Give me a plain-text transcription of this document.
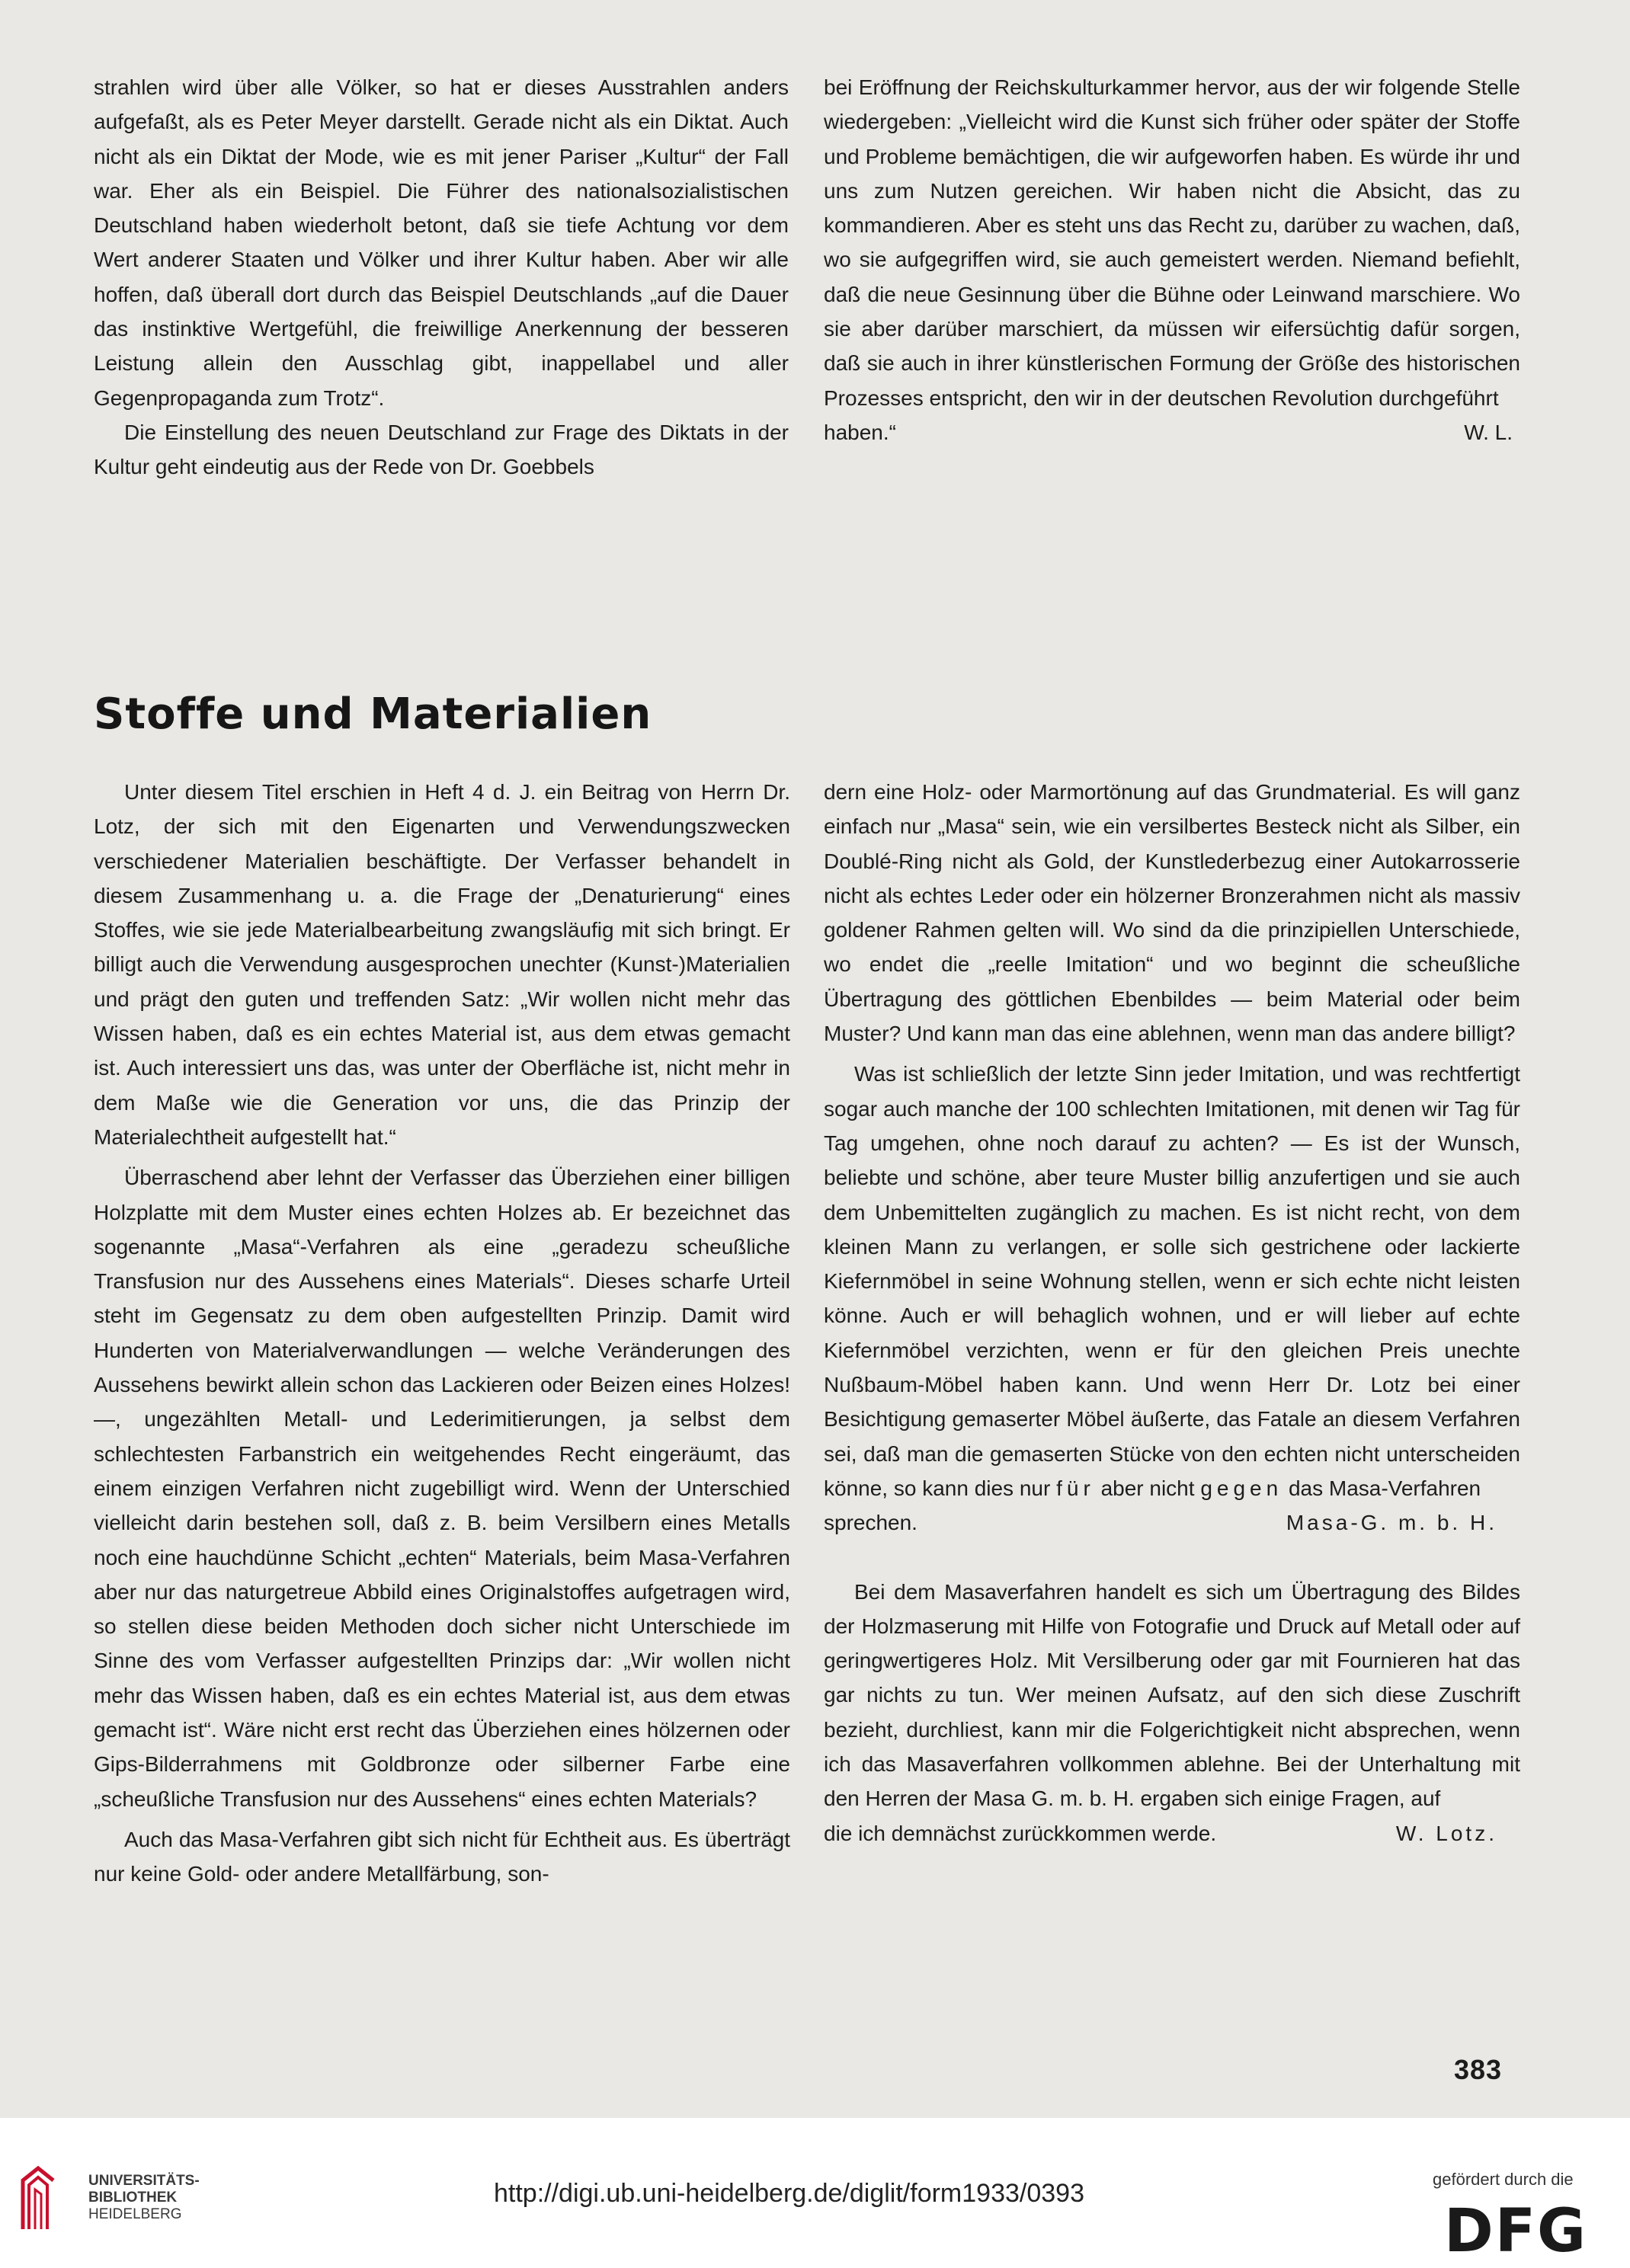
strahlen wird über alle Völker, so hat er dieses Ausstrahlen anders aufgefaßt, als es Peter Meyer darstellt. Gerade nicht als ein Diktat. Auch nicht als ein Diktat der Mode, wie es mit jener Pariser „Kultur“ der Fall war. Eher als ein Beispiel. Die Führer des nationalsozialistischen Deutschland haben wiederholt betont, daß sie tiefe Achtung vor dem Wert anderer Staaten und Völker und ihrer Kultur haben. Aber wir alle hoffen, daß überall dort durch das Beispiel Deutschlands „auf die Dauer das instinktive Wertgefühl, die freiwillige Anerkennung der besseren Leistung allein den Ausschlag gibt, inappellabel und aller Gegenpropaganda zum Trotz“.

Die Einstellung des neuen Deutschland zur Frage des Diktats in der Kultur geht eindeutig aus der Rede von Dr. Goebbels

bei Eröffnung der Reichskulturkammer hervor, aus der wir folgende Stelle wiedergeben: „Vielleicht wird die Kunst sich früher oder später der Stoffe und Probleme bemächtigen, die wir aufgeworfen haben. Es würde ihr und uns zum Nutzen gereichen. Wir haben nicht die Absicht, das zu kommandieren. Aber es steht uns das Recht zu, darüber zu wachen, daß, wo sie aufgegriffen wird, sie auch gemeistert werden. Niemand befiehlt, daß die neue Gesinnung über die Bühne oder Leinwand marschiere. Wo sie aber darüber marschiert, da müssen wir eifersüchtig dafür sorgen, daß sie auch in ihrer künstlerischen Formung der Größe des historischen Prozesses entspricht, den wir in der deutschen Revolution durchgeführt

haben.“	W. L.
Stoffe und Materialien

Unter diesem Titel erschien in Heft 4 d. J. ein Beitrag von Herrn Dr. Lotz, der sich mit den Eigenarten und Verwendungszwecken verschiedener Materialien beschäftigte. Der Verfasser behandelt in diesem Zusammenhang u. a. die Frage der „Denaturierung“ eines Stoffes, wie sie jede Materialbearbeitung zwangsläufig mit sich bringt. Er billigt auch die Verwendung ausgesprochen unechter (Kunst-)Materialien und prägt den guten und treffenden Satz: „Wir wollen nicht mehr das Wissen haben, daß es ein echtes Material ist, aus dem etwas gemacht ist. Auch interessiert uns das, was unter der Oberfläche ist, nicht mehr in dem Maße wie die Generation vor uns, die das Prinzip der Materialechtheit aufgestellt hat.“

Überraschend aber lehnt der Verfasser das Überziehen einer billigen Holzplatte mit dem Muster eines echten Holzes ab. Er bezeichnet das sogenannte „Masa“-Verfahren als eine „geradezu scheußliche Transfusion nur des Aussehens eines Materials“. Dieses scharfe Urteil steht im Gegensatz zu dem oben aufgestellten Prinzip. Damit wird Hunderten von Materialverwandlungen — welche Veränderungen des Aussehens bewirkt allein schon das Lackieren oder Beizen eines Holzes! —, ungezählten Metall- und Lederimitierungen, ja selbst dem schlechtesten Farbanstrich ein weitgehendes Recht eingeräumt, das einem einzigen Verfahren nicht zugebilligt wird. Wenn der Unterschied vielleicht darin bestehen soll, daß z. B. beim Versilbern eines Metalls noch eine hauchdünne Schicht „echten“ Materials, beim Masa-Verfahren aber nur das naturgetreue Abbild eines Originalstoffes aufgetragen wird, so stellen diese beiden Methoden doch sicher nicht Unterschiede im Sinne des vom Verfasser aufgestellten Prinzips dar: „Wir wollen nicht mehr das Wissen haben, daß es ein echtes Material ist, aus dem etwas gemacht ist“. Wäre nicht erst recht das Überziehen eines hölzernen oder Gips-Bilderrahmens mit Goldbronze oder silberner Farbe eine „scheußliche Transfusion nur des Aussehens“ eines echten Materials?

Auch das Masa-Verfahren gibt sich nicht für Echtheit aus. Es überträgt nur keine Gold- oder andere Metallfärbung, son-

dern eine Holz- oder Marmortönung auf das Grundmaterial. Es will ganz einfach nur „Masa“ sein, wie ein versilbertes Besteck nicht als Silber, ein Doublé-Ring nicht als Gold, der Kunstlederbezug einer Autokarrosserie nicht als echtes Leder oder ein hölzerner Bronzerahmen nicht als massiv goldener Rahmen gelten will. Wo sind da die prinzipiellen Unterschiede, wo endet die „reelle Imitation“ und wo beginnt die scheußliche Übertragung des göttlichen Ebenbildes — beim Material oder beim Muster? Und kann man das eine ablehnen, wenn man das andere billigt?

Was ist schließlich der letzte Sinn jeder Imitation, und was rechtfertigt sogar auch manche der 100 schlechten Imitationen, mit denen wir Tag für Tag umgehen, ohne noch darauf zu achten? — Es ist der Wunsch, beliebte und schöne, aber teure Muster billig anzufertigen und sie auch dem Unbemittelten zugänglich zu machen. Es ist nicht recht, von dem kleinen Mann zu verlangen, er solle sich gestrichene oder lackierte Kiefernmöbel in seine Wohnung stellen, wenn er sich echte nicht leisten könne. Auch er will behaglich wohnen, und er will lieber auf echte Kiefernmöbel verzichten, wenn er für den gleichen Preis unechte Nußbaum-Möbel haben kann. Und wenn Herr Dr. Lotz bei einer Besichtigung gemaserter Möbel äußerte, das Fatale an diesem Verfahren sei, daß man die gemaserten Stücke von den echten nicht unterscheiden könne, so kann dies nur für aber nicht gegen das Masa-Verfahren

sprechen.	Masa-G. m. b. H.

Bei dem Masaverfahren handelt es sich um Übertragung des Bildes der Holzmaserung mit Hilfe von Fotografie und Druck auf Metall oder auf geringwertigeres Holz. Mit Versilberung oder gar mit Fournieren hat das gar nichts zu tun. Wer meinen Aufsatz, auf den sich diese Zuschrift bezieht, durchliest, kann mir die Folgerichtigkeit nicht absprechen, wenn ich das Masaverfahren vollkommen ablehne. Bei der Unterhaltung mit den Herren der Masa G. m. b. H. ergaben sich einige Fragen, auf

die ich demnächst zurückkommen werde.	W. Lotz.
383
UNIVERSITÄTS-
BIBLIOTHEK
HEIDELBERG
http://digi.ub.uni-heidelberg.de/diglit/form1933/0393	gefördert durch die
DFG
